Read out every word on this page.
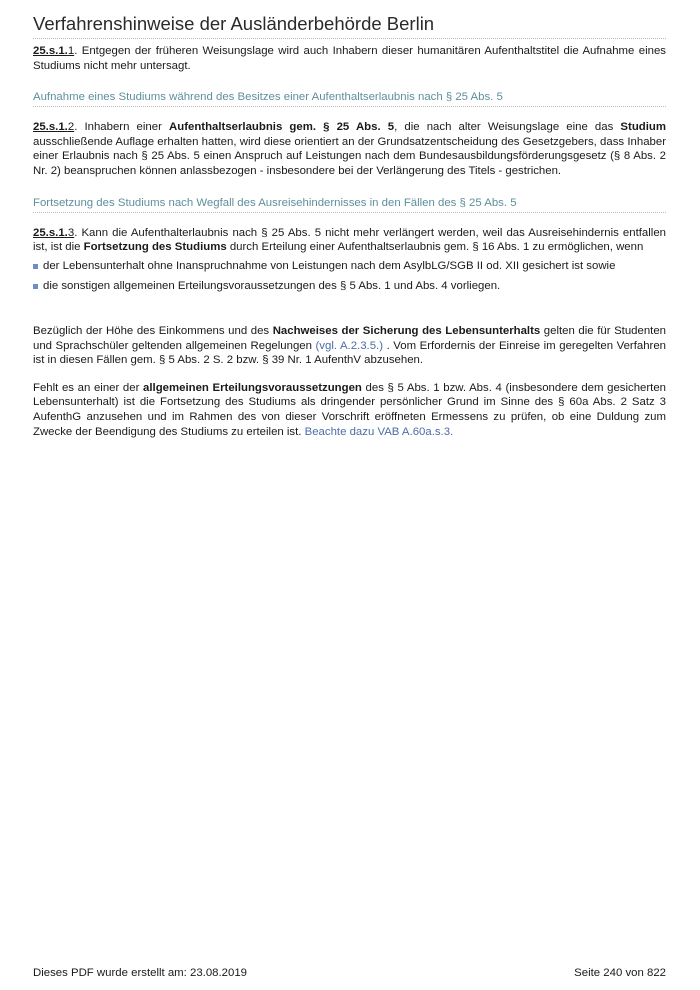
Verfahrenshinweise der Ausländerbehörde Berlin

25.s.1.1. Entgegen der früheren Weisungslage wird auch Inhabern dieser humanitären Aufenthaltstitel die Aufnahme eines Studiums nicht mehr untersagt.

Aufnahme eines Studiums während des Besitzes einer Aufenthaltserlaubnis nach § 25 Abs. 5

25.s.1.2. Inhabern einer Aufenthaltserlaubnis gem. § 25 Abs. 5, die nach alter Weisungslage eine das Studium ausschließende Auflage erhalten hatten, wird diese orientiert an der Grundsatzentscheidung des Gesetzgebers, dass Inhaber einer Erlaubnis nach § 25 Abs. 5 einen Anspruch auf Leistungen nach dem Bundesausbildungsförderungsgesetz (§ 8 Abs. 2 Nr. 2) beanspruchen können anlassbezogen - insbesondere bei der Verlängerung des Titels - gestrichen.

Fortsetzung des Studiums nach Wegfall des Ausreisehindernisses in den Fällen des § 25 Abs. 5

25.s.1.3. Kann die Aufenthalterlaubnis nach § 25 Abs. 5 nicht mehr verlängert werden, weil das Ausreisehindernis entfallen ist, ist die Fortsetzung des Studiums durch Erteilung einer Aufenthaltserlaubnis gem. § 16 Abs. 1 zu ermöglichen, wenn

der Lebensunterhalt ohne Inanspruchnahme von Leistungen nach dem AsylbLG/SGB II od. XII gesichert ist sowie
die sonstigen allgemeinen Erteilungsvoraussetzungen des § 5 Abs. 1 und Abs. 4 vorliegen.

Bezüglich der Höhe des Einkommens und des Nachweises der Sicherung des Lebensunterhalts gelten die für Studenten und Sprachschüler geltenden allgemeinen Regelungen (vgl. A.2.3.5.) . Vom Erfordernis der Einreise im geregelten Verfahren ist in diesen Fällen gem. § 5 Abs. 2 S. 2 bzw. § 39 Nr. 1 AufenthV abzusehen.

Fehlt es an einer der allgemeinen Erteilungsvoraussetzungen des § 5 Abs. 1 bzw. Abs. 4 (insbesondere dem gesicherten Lebensunterhalt) ist die Fortsetzung des Studiums als dringender persönlicher Grund im Sinne des § 60a Abs. 2 Satz 3 AufenthG anzusehen und im Rahmen des von dieser Vorschrift eröffneten Ermessens zu prüfen, ob eine Duldung zum Zwecke der Beendigung des Studiums zu erteilen ist. Beachte dazu VAB A.60a.s.3.

Dieses PDF wurde erstellt am: 23.08.2019	Seite 240 von 822
